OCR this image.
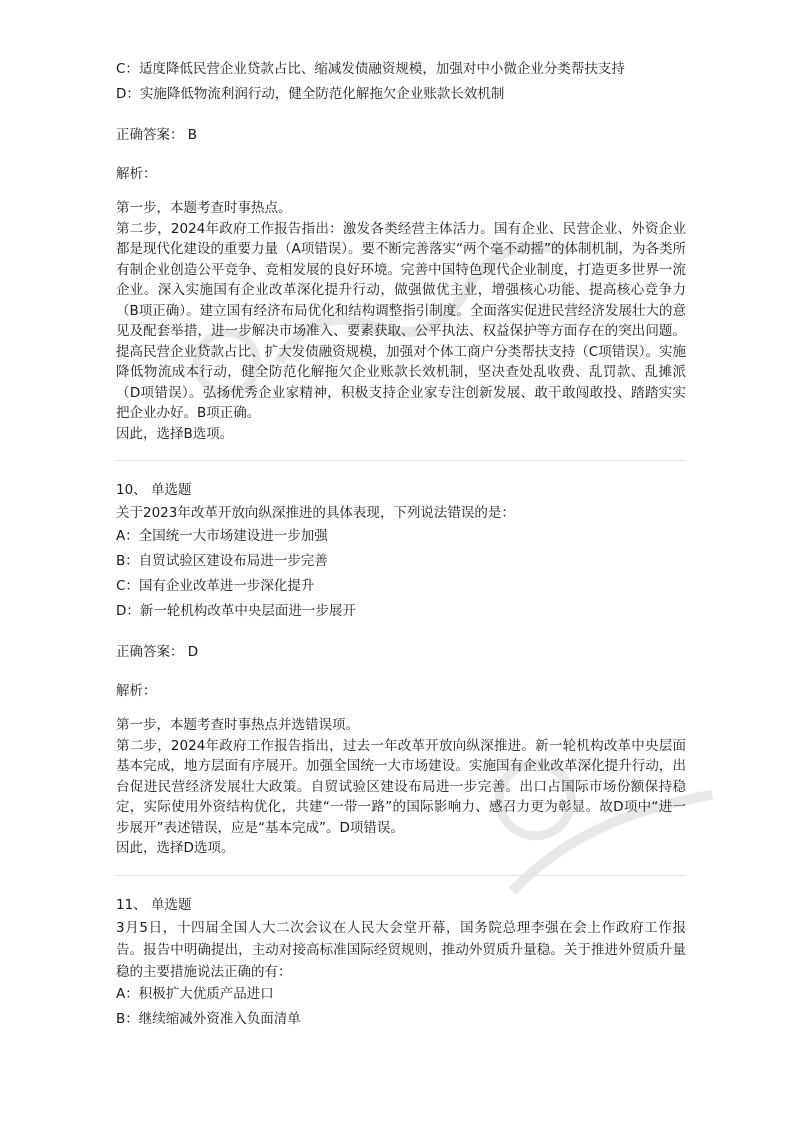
C：适度降低民营企业贷款占比、缩减发债融资规模，加强对中小微企业分类帮扶支持
D：实施降低物流利润行动，健全防范化解拖欠企业账款长效机制
正确答案： B
解析：
第一步，本题考查时事热点。
第二步，2024年政府工作报告指出：激发各类经营主体活力。国有企业、民营企业、外资企业都是现代化建设的重要力量（A项错误）。要不断完善落实“两个毫不动摇”的体制机制，为各类所有制企业创造公平竞争、竞相发展的良好环境。完善中国特色现代企业制度，打造更多世界一流企业。深入实施国有企业改革深化提升行动，做强做优主业，增强核心功能、提高核心竞争力（B项正确）。建立国有经济布局优化和结构调整指引制度。全面落实促进民营经济发展壮大的意见及配套举措，进一步解决市场准入、要素获取、公平执法、权益保护等方面存在的突出问题。提高民营企业贷款占比、扩大发债融资规模，加强对个体工商户分类帮扶支持（C项错误）。实施降低物流成本行动，健全防范化解拖欠企业账款长效机制，坚决查处乱收费、乱罚款、乱摊派（D项错误）。弘扬优秀企业家精神，积极支持企业家专注创新发展、敢干敢闯敢投、踏踏实实把企业办好。B项正确。
因此，选择B选项。
10、 单选题
关于2023年改革开放向纵深推进的具体表现，下列说法错误的是：
A：全国统一大市场建设进一步加强
B：自贸试验区建设布局进一步完善
C：国有企业改革进一步深化提升
D：新一轮机构改革中央层面进一步展开
正确答案： D
解析：
第一步，本题考查时事热点并选错误项。
第二步，2024年政府工作报告指出，过去一年改革开放向纵深推进。新一轮机构改革中央层面基本完成，地方层面有序展开。加强全国统一大市场建设。实施国有企业改革深化提升行动，出台促进民营经济发展壮大政策。自贸试验区建设布局进一步完善。出口占国际市场份额保持稳定，实际使用外资结构优化，共建“一带一路”的国际影响力、感召力更为彰显。故D项中“进一步展开”表述错误，应是“基本完成”。D项错误。
因此，选择D选项。
11、 单选题
3月5日，十四届全国人大二次会议在人民大会堂开幕，国务院总理李强在会上作政府工作报告。报告中明确提出，主动对接高标准国际经贸规则，推动外贸质升量稳。关于推进外贸质升量稳的主要措施说法正确的有：
A：积极扩大优质产品进口
B：继续缩减外资准入负面清单
